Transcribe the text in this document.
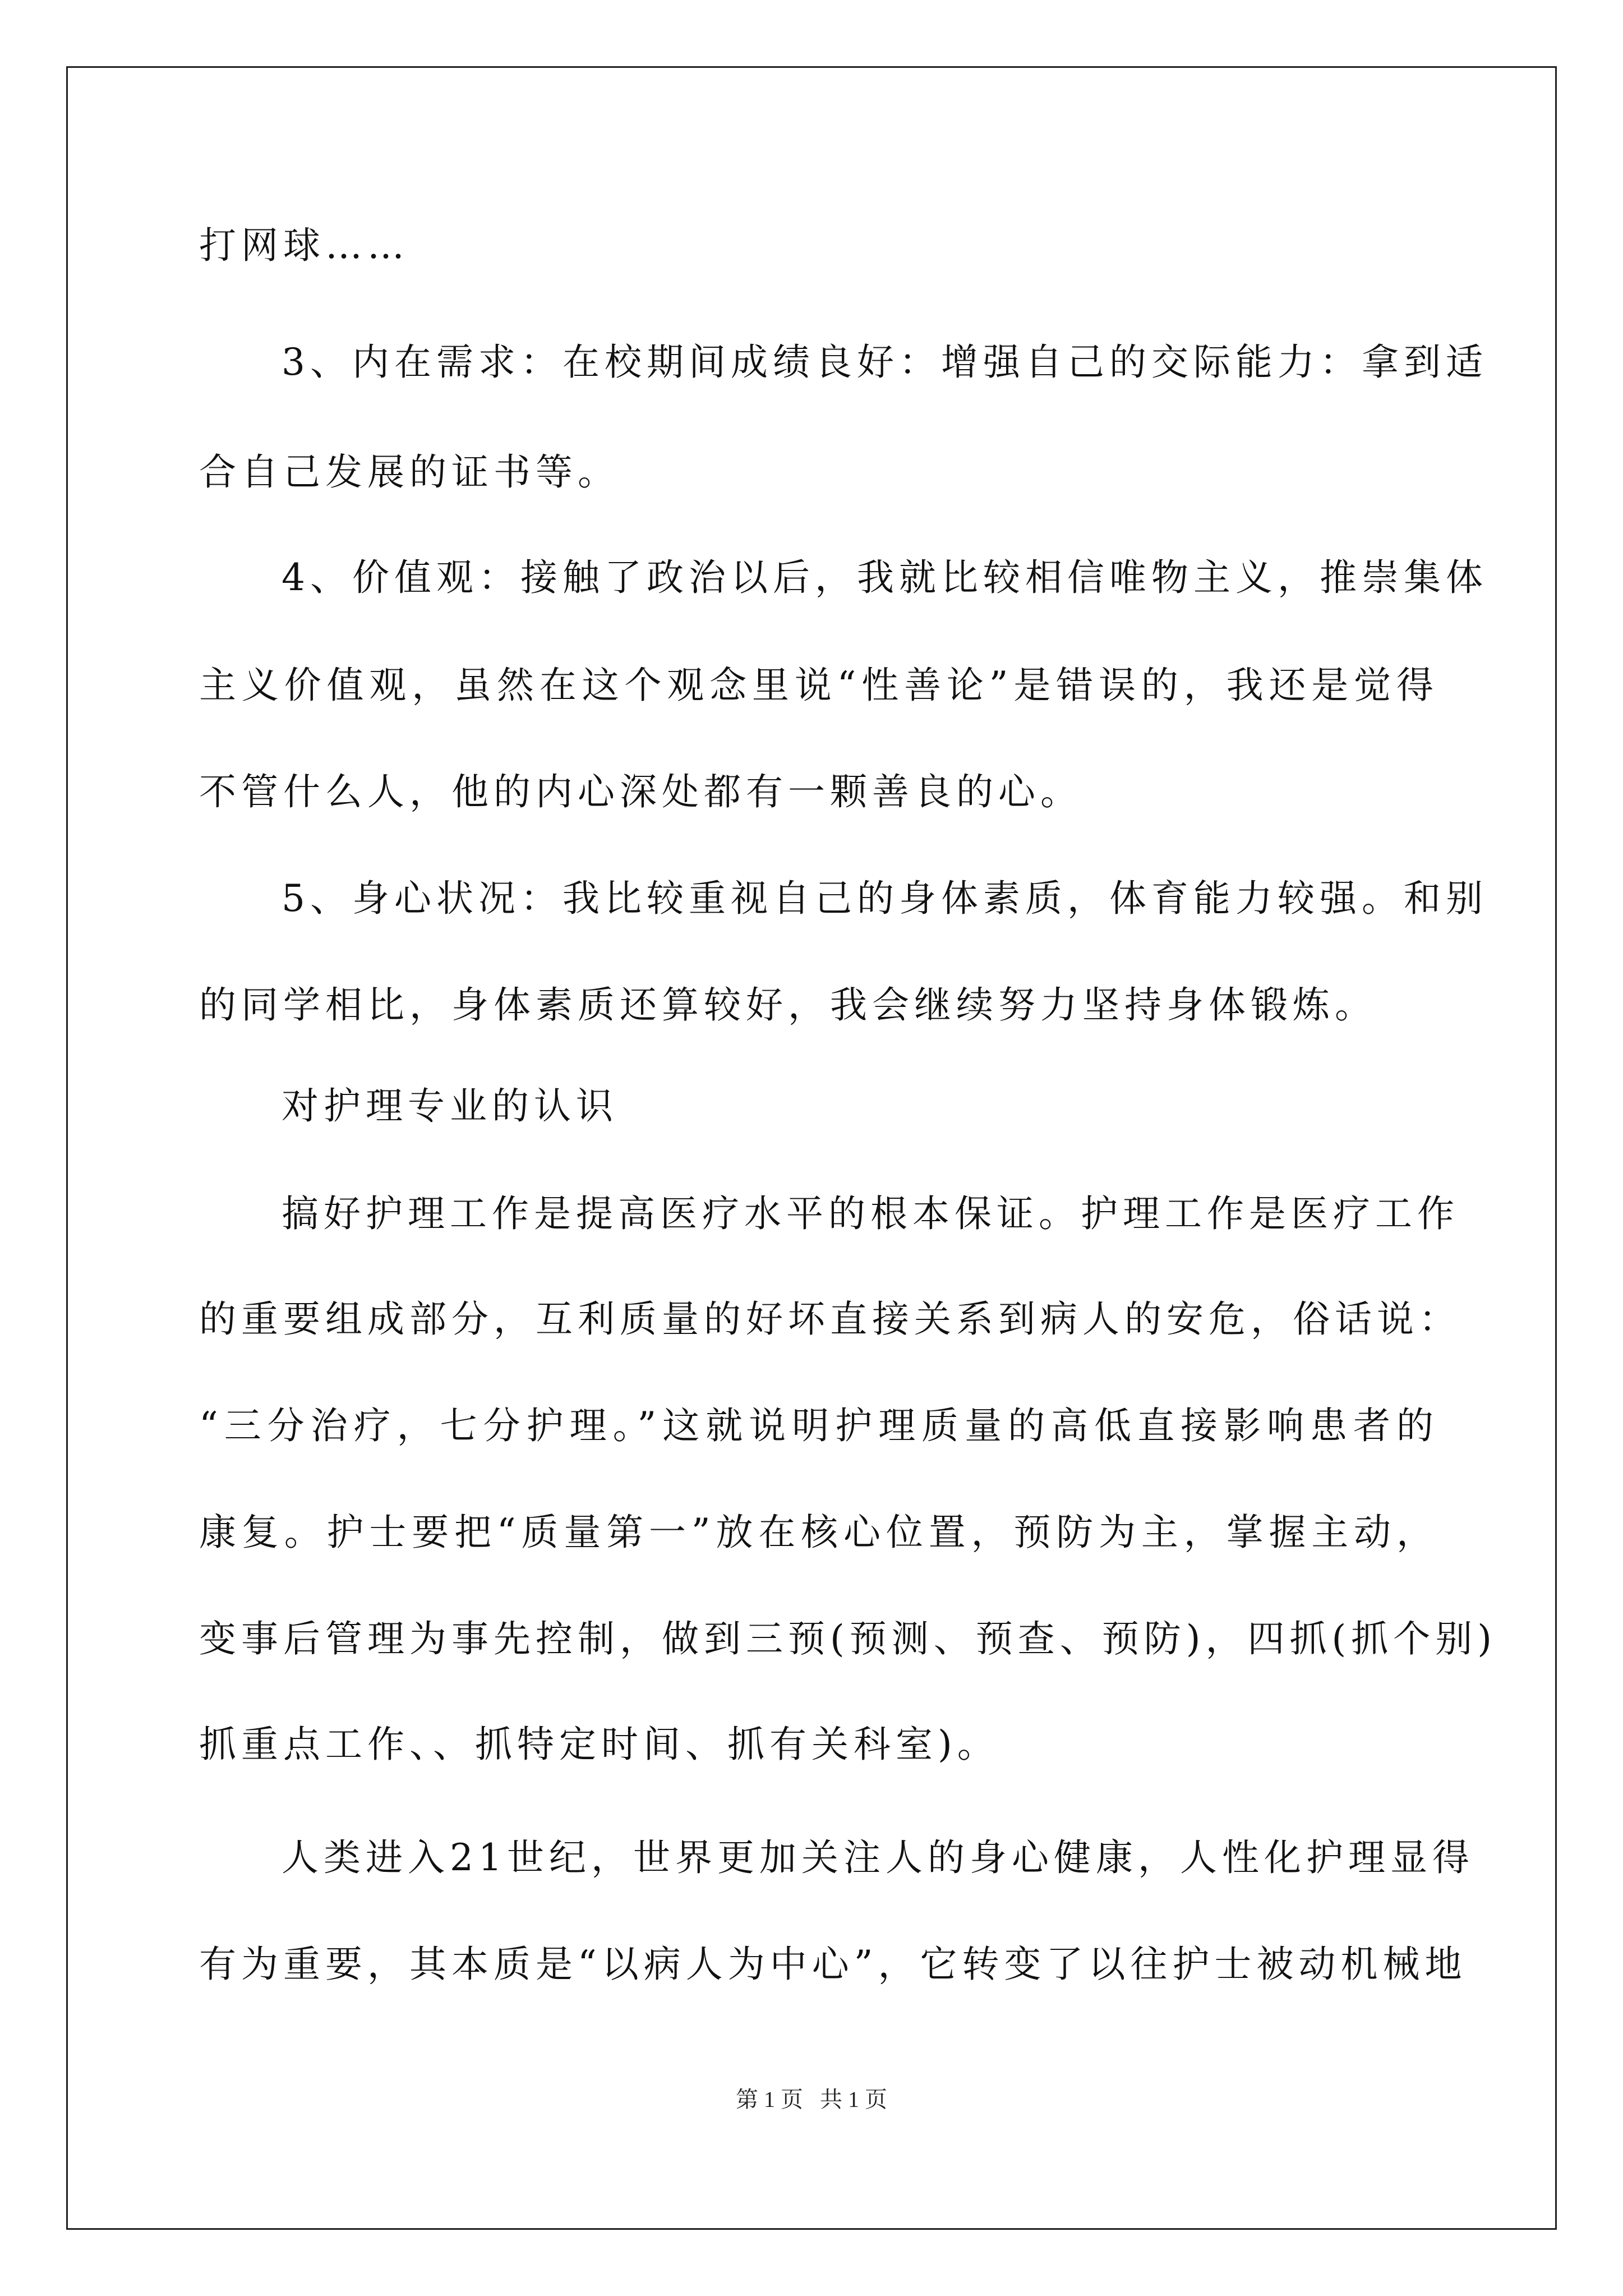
打网球……
3、内在需求：在校期间成绩良好：增强自己的交际能力：拿到适
合自己发展的证书等。
4、价值观：接触了政治以后，我就比较相信唯物主义，推崇集体
主义价值观，虽然在这个观念里说“性善论”是错误的，我还是觉得
不管什么人，他的内心深处都有一颗善良的心。
5、身心状况：我比较重视自己的身体素质，体育能力较强。和别
的同学相比，身体素质还算较好，我会继续努力坚持身体锻炼。
对护理专业的认识
搞好护理工作是提高医疗水平的根本保证。护理工作是医疗工作
的重要组成部分，互利质量的好坏直接关系到病人的安危，俗话说：
“三分治疗，七分护理。”这就说明护理质量的高低直接影响患者的
康复。护士要把“质量第一”放在核心位置，预防为主，掌握主动，
变事后管理为事先控制，做到三预(预测、预查、预防)，四抓(抓个别)
抓重点工作、、抓特定时间、抓有关科室)。
人类进入21世纪，世界更加关注人的身心健康，人性化护理显得
有为重要，其本质是“以病人为中心”，它转变了以往护士被动机械地
第 1 页   共 1 页
